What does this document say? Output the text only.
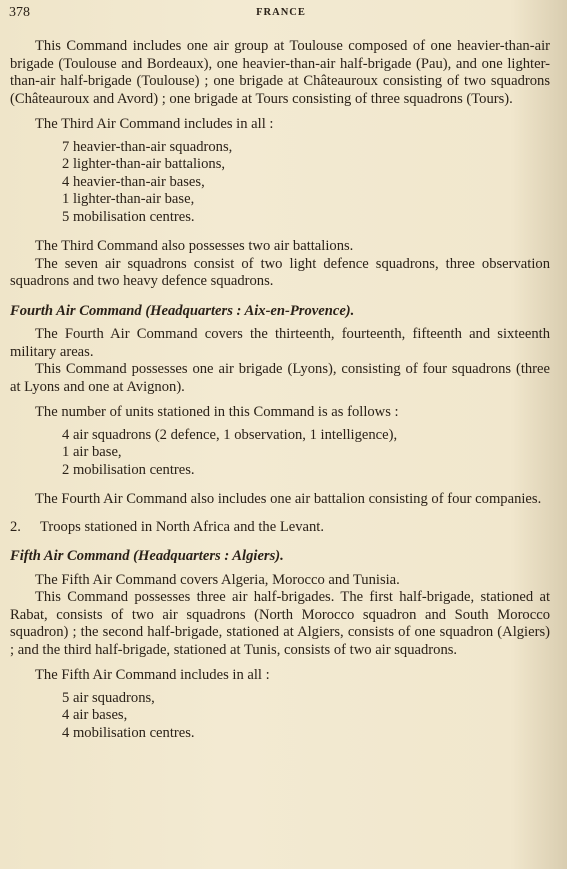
378	FRANCE

This Command includes one air group at Toulouse composed of one heavier-than-air brigade (Toulouse and Bordeaux), one heavier-than-air half-brigade (Pau), and one lighter-than-air half-brigade (Toulouse) ; one brigade at Châteauroux consisting of two squadrons (Châteauroux and Avord) ; one brigade at Tours consisting of three squadrons (Tours).

The Third Air Command includes in all :

7 heavier-than-air squadrons,
2 lighter-than-air battalions,
4 heavier-than-air bases,
1 lighter-than-air base,
5 mobilisation centres.

The Third Command also possesses two air battalions.

The seven air squadrons consist of two light defence squadrons, three observation squadrons and two heavy defence squadrons.

Fourth Air Command (Headquarters : Aix-en-Provence).

The Fourth Air Command covers the thirteenth, fourteenth, fifteenth and sixteenth military areas.

This Command possesses one air brigade (Lyons), consisting of four squadrons (three at Lyons and one at Avignon).

The number of units stationed in this Command is as follows :

4 air squadrons (2 defence, 1 observation, 1 intelligence),
1 air base,
2 mobilisation centres.

The Fourth Air Command also includes one air battalion consisting of four companies.

2. Troops stationed in North Africa and the Levant.

Fifth Air Command (Headquarters : Algiers).

The Fifth Air Command covers Algeria, Morocco and Tunisia.

This Command possesses three air half-brigades. The first half-brigade, stationed at Rabat, consists of two air squadrons (North Morocco squadron and South Morocco squadron) ; the second half-brigade, stationed at Algiers, consists of one squadron (Algiers) ; and the third half-brigade, stationed at Tunis, consists of two air squadrons.

The Fifth Air Command includes in all :

5 air squadrons,
4 air bases,
4 mobilisation centres.
